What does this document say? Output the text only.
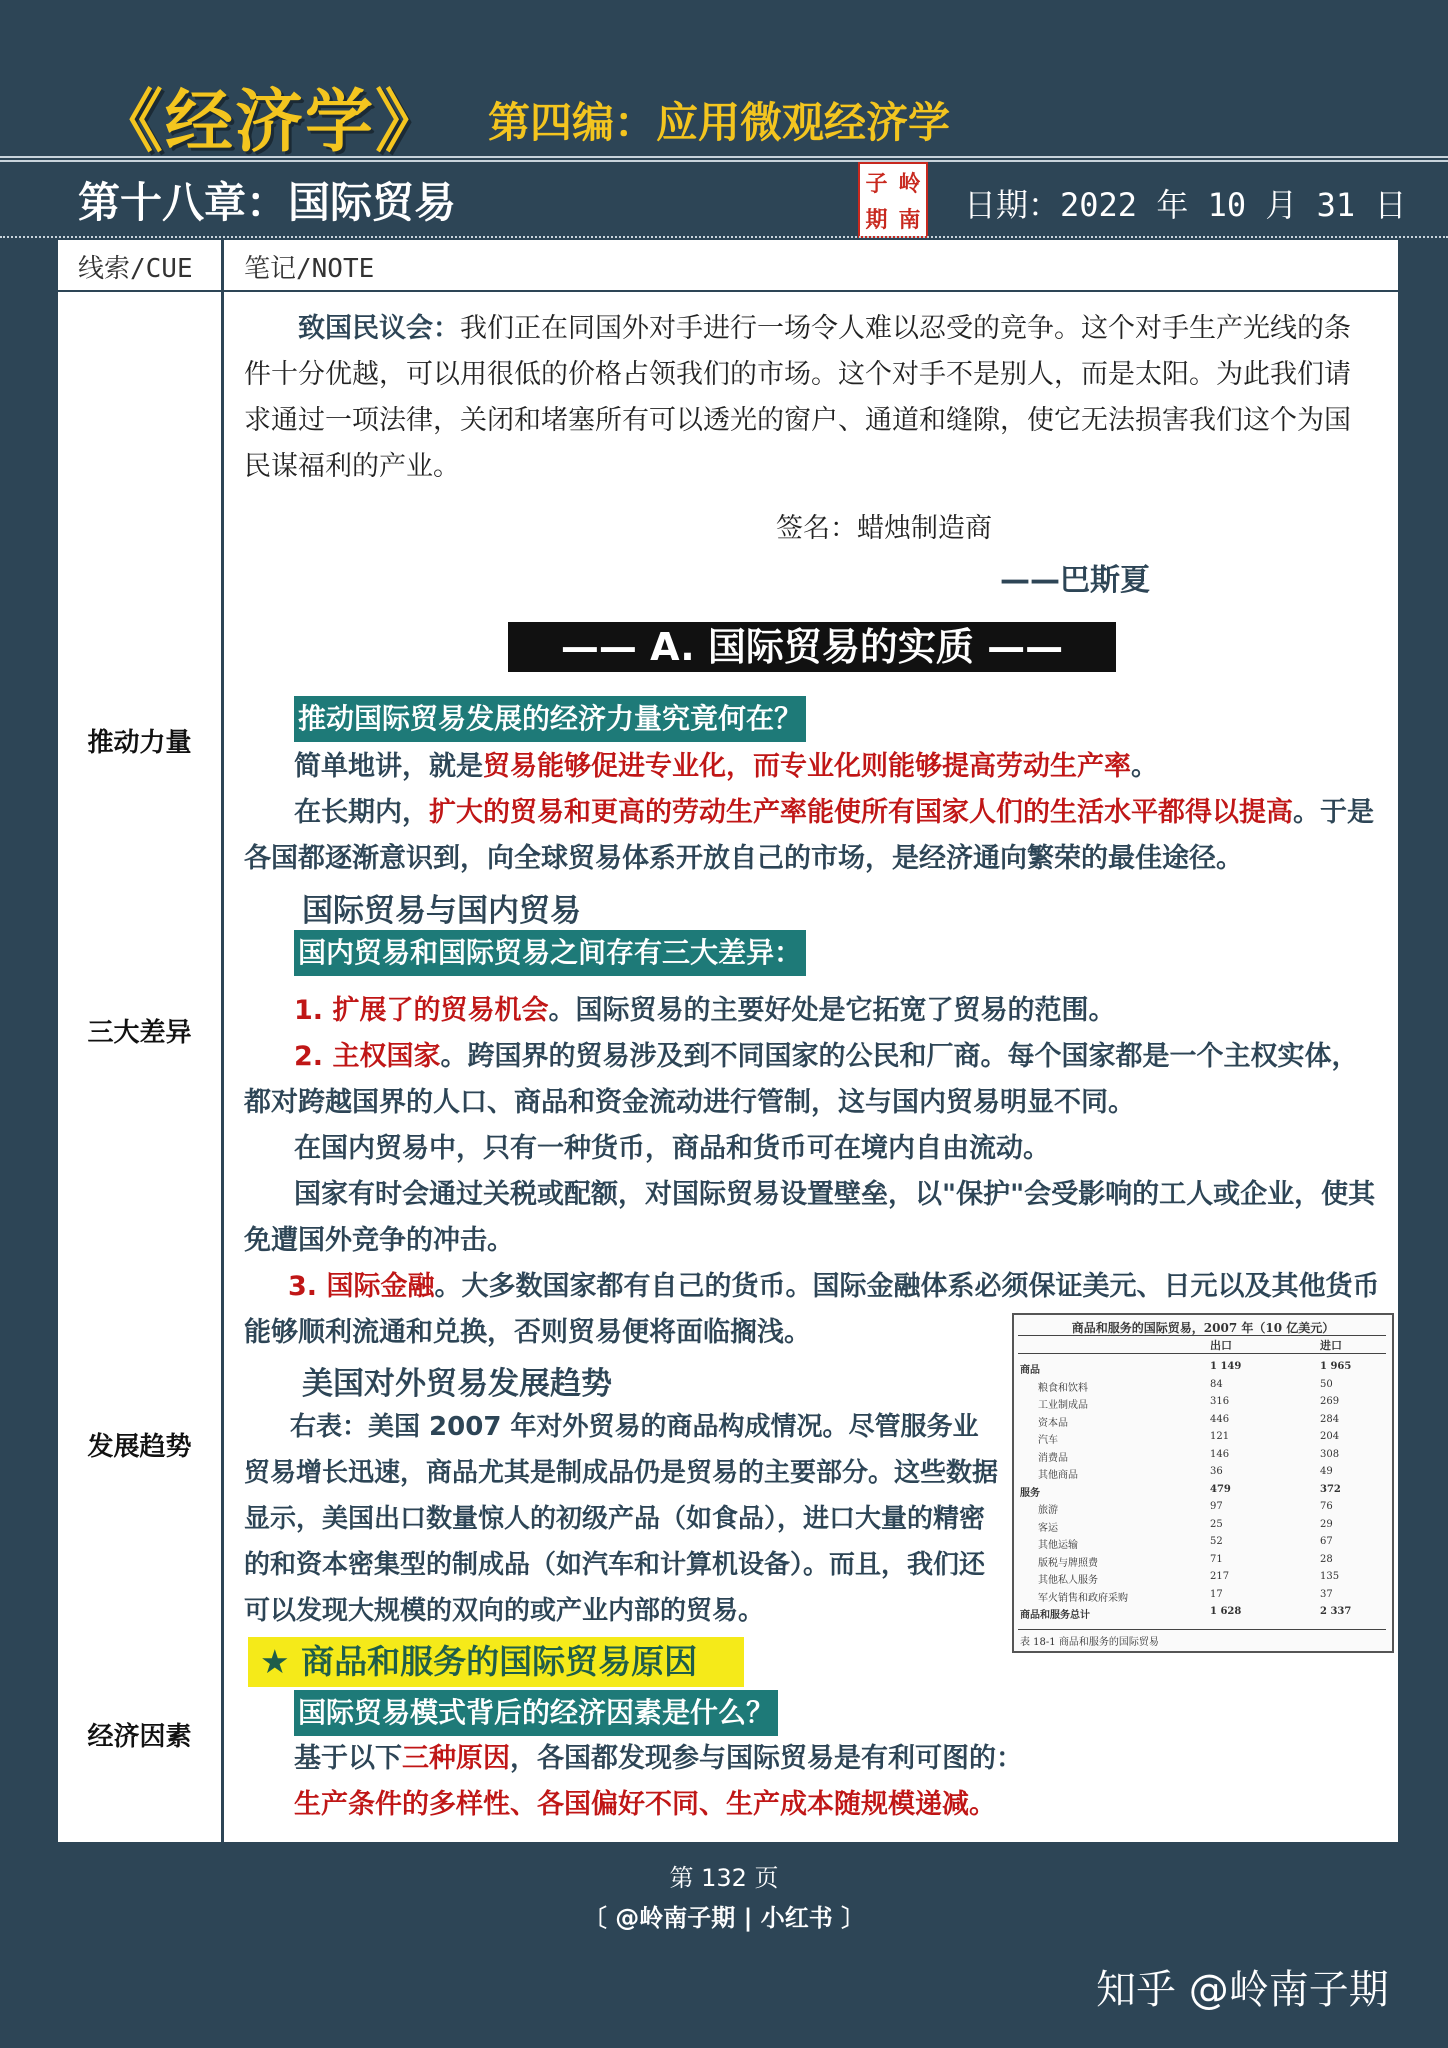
《经济学》 第四编：应用微观经济学
第十八章：国际贸易	子 岭
期 南 日期：2022 年 10 月 31 日
线索/CUE 笔记/NOTE
推动力量
三大差异
发展趋势
经济因素
致国民议会：我们正在同国外对手进行一场令人难以忍受的竞争。这个对手生产光线的条件十分优越，可以用很低的价格占领我们的市场。这个对手不是别人，而是太阳。为此我们请求通过一项法律，关闭和堵塞所有可以透光的窗户、通道和缝隙，使它无法损害我们这个为国民谋福利的产业。
签名：蜡烛制造商
——巴斯夏
—— A. 国际贸易的实质 ——
推动国际贸易发展的经济力量究竟何在？
简单地讲，就是贸易能够促进专业化，而专业化则能够提高劳动生产率。
在长期内，扩大的贸易和更高的劳动生产率能使所有国家人们的生活水平都得以提高。于是各国都逐渐意识到，向全球贸易体系开放自己的市场，是经济通向繁荣的最佳途径。
国际贸易与国内贸易
国内贸易和国际贸易之间存有三大差异：
1. 扩展了的贸易机会。国际贸易的主要好处是它拓宽了贸易的范围。
2. 主权国家。跨国界的贸易涉及到不同国家的公民和厂商。每个国家都是一个主权实体，都对跨越国界的人口、商品和资金流动进行管制，这与国内贸易明显不同。
在国内贸易中，只有一种货币，商品和货币可在境内自由流动。
国家有时会通过关税或配额，对国际贸易设置壁垒，以"保护"会受影响的工人或企业，使其免遭国外竞争的冲击。
3. 国际金融。大多数国家都有自己的货币。国际金融体系必须保证美元、日元以及其他货币能够顺利流通和兑换，否则贸易便将面临搁浅。
美国对外贸易发展趋势
右表：美国 2007 年对外贸易的商品构成情况。尽管服务业贸易增长迅速，商品尤其是制成品仍是贸易的主要部分。这些数据显示，美国出口数量惊人的初级产品（如食品），进口大量的精密的和资本密集型的制成品（如汽车和计算机设备）。而且，我们还可以发现大规模的双向的或产业内部的贸易。
商品和服务的国际贸易，2007 年（10 亿美元）
出口	进口
商品	1 149	1 965
粮食和饮料	84	50
工业制成品	316	269
资本品	446	284
汽车	121	204
消费品	146	308
其他商品	36	49
服务	479	372
旅游	97	76
客运	25	29
其他运输	52	67
版税与牌照费	71	28
其他私人服务	217	135
军火销售和政府采购	17	37
商品和服务总计	1 628	2 337
表 18-1 商品和服务的国际贸易
★ 商品和服务的国际贸易原因
国际贸易模式背后的经济因素是什么？
基于以下三种原因，各国都发现参与国际贸易是有利可图的：
生产条件的多样性、各国偏好不同、生产成本随规模递减。
第 132 页
〔 @岭南子期 | 小红书 〕
知乎 @岭南子期
